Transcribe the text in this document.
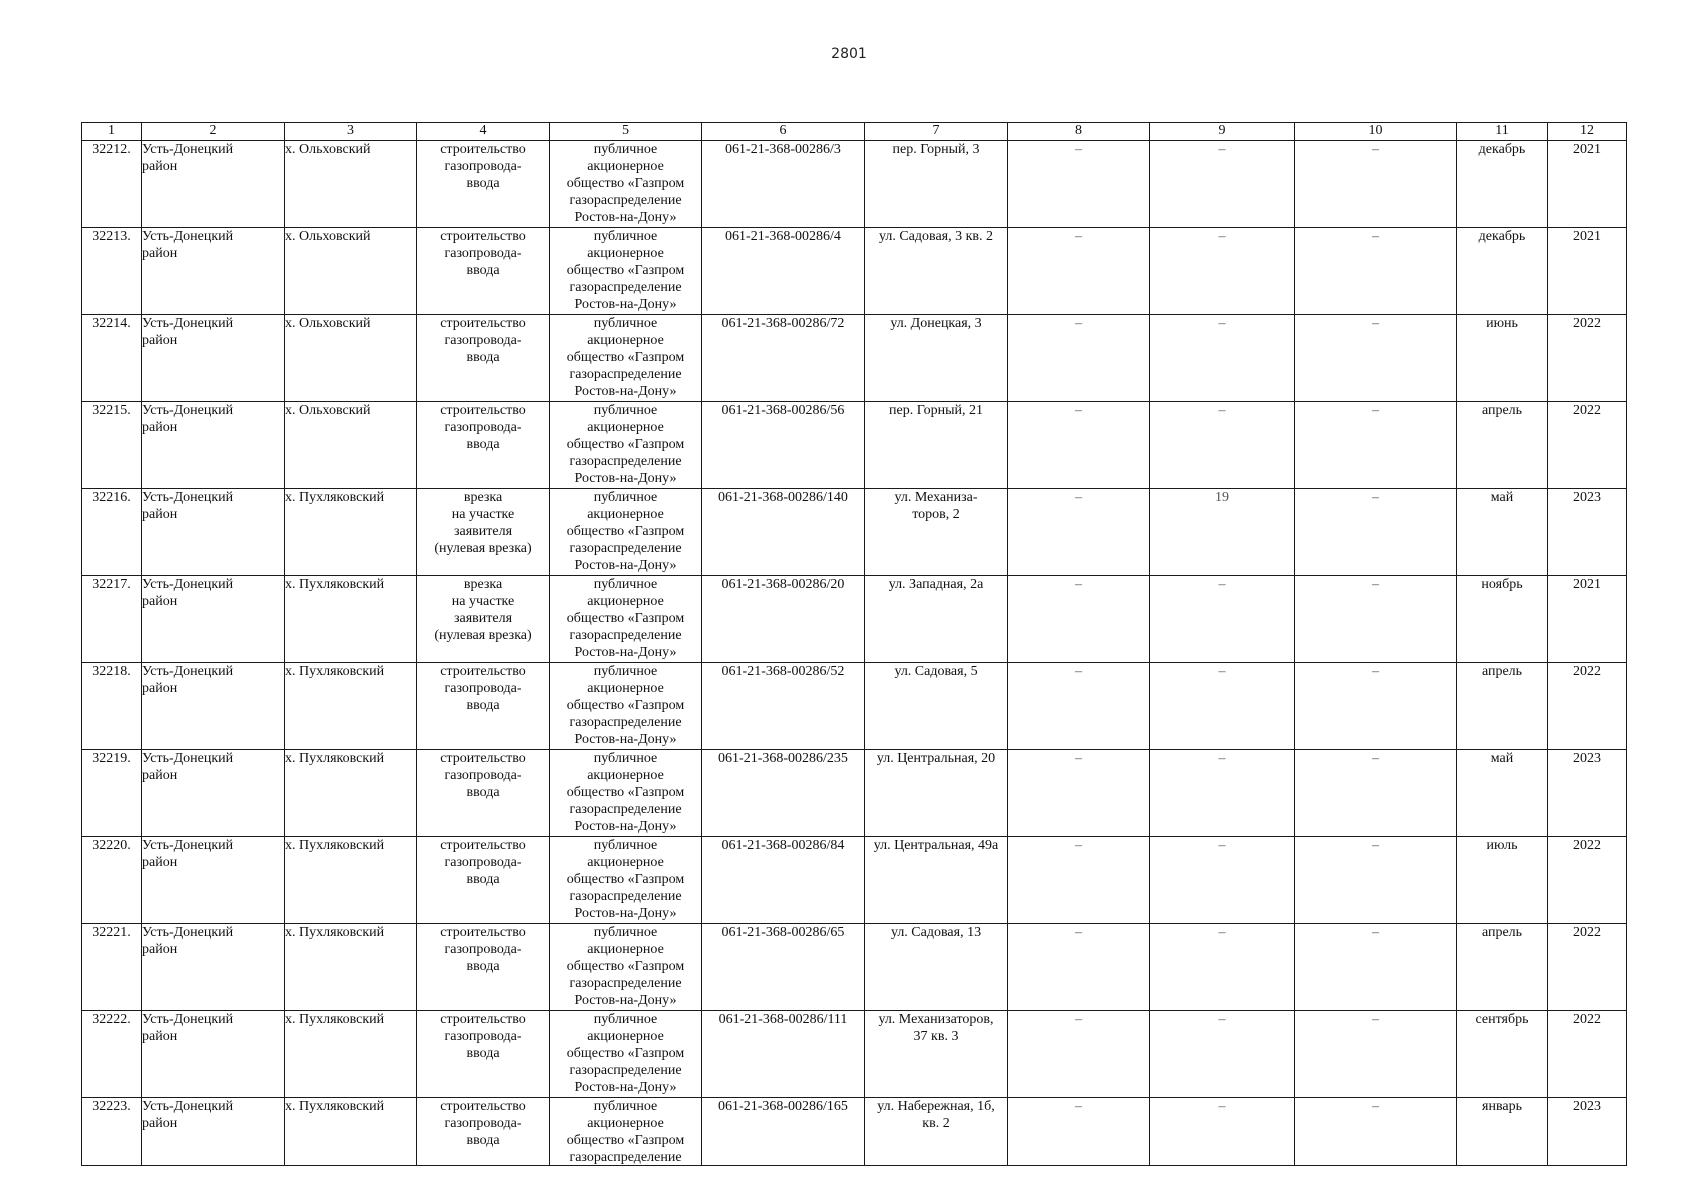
2801
1	2	3	4	5	6	7	8	9	10	11	12

32212.	Усть-Донецкий
район	х. Ольховский	строительство
газопровода-
ввода	публичное
акционерное
общество «Газпром
газораспределение
Ростов-на-Дону»	061-21-368-00286/3	пер. Горный, 3	–	–	–	декабрь	2021

32213.	Усть-Донецкий
район	х. Ольховский	строительство
газопровода-
ввода	публичное
акционерное
общество «Газпром
газораспределение
Ростов-на-Дону»	061-21-368-00286/4	ул. Садовая, 3 кв. 2	–	–	–	декабрь	2021

32214.	Усть-Донецкий
район	х. Ольховский	строительство
газопровода-
ввода	публичное
акционерное
общество «Газпром
газораспределение
Ростов-на-Дону»	061-21-368-00286/72	ул. Донецкая, 3	–	–	–	июнь	2022

32215.	Усть-Донецкий
район	х. Ольховский	строительство
газопровода-
ввода	публичное
акционерное
общество «Газпром
газораспределение
Ростов-на-Дону»	061-21-368-00286/56	пер. Горный, 21	–	–	–	апрель	2022

32216.	Усть-Донецкий
район	х. Пухляковский	врезка
на участке
заявителя
(нулевая врезка)	публичное
акционерное
общество «Газпром
газораспределение
Ростов-на-Дону»	061-21-368-00286/140	ул. Механиза-
торов, 2	–	19	–	май	2023

32217.	Усть-Донецкий
район	х. Пухляковский	врезка
на участке
заявителя
(нулевая врезка)	публичное
акционерное
общество «Газпром
газораспределение
Ростов-на-Дону»	061-21-368-00286/20	ул. Западная, 2а	–	–	–	ноябрь	2021

32218.	Усть-Донецкий
район	х. Пухляковский	строительство
газопровода-
ввода	публичное
акционерное
общество «Газпром
газораспределение
Ростов-на-Дону»	061-21-368-00286/52	ул. Садовая, 5	–	–	–	апрель	2022

32219.	Усть-Донецкий
район	х. Пухляковский	строительство
газопровода-
ввода	публичное
акционерное
общество «Газпром
газораспределение
Ростов-на-Дону»	061-21-368-00286/235	ул. Центральная, 20	–	–	–	май	2023

32220.	Усть-Донецкий
район	х. Пухляковский	строительство
газопровода-
ввода	публичное
акционерное
общество «Газпром
газораспределение
Ростов-на-Дону»	061-21-368-00286/84	ул. Центральная, 49а	–	–	–	июль	2022

32221.	Усть-Донецкий
район	х. Пухляковский	строительство
газопровода-
ввода	публичное
акционерное
общество «Газпром
газораспределение
Ростов-на-Дону»	061-21-368-00286/65	ул. Садовая, 13	–	–	–	апрель	2022

32222.	Усть-Донецкий
район	х. Пухляковский	строительство
газопровода-
ввода	публичное
акционерное
общество «Газпром
газораспределение
Ростов-на-Дону»	061-21-368-00286/111	ул. Механизаторов,
37 кв. 3	–	–	–	сентябрь	2022

32223.	Усть-Донецкий
район	х. Пухляковский	строительство
газопровода-
ввода	публичное
акционерное
общество «Газпром
газораспределение	061-21-368-00286/165	ул. Набережная, 1б,
кв. 2	–	–	–	январь	2023
